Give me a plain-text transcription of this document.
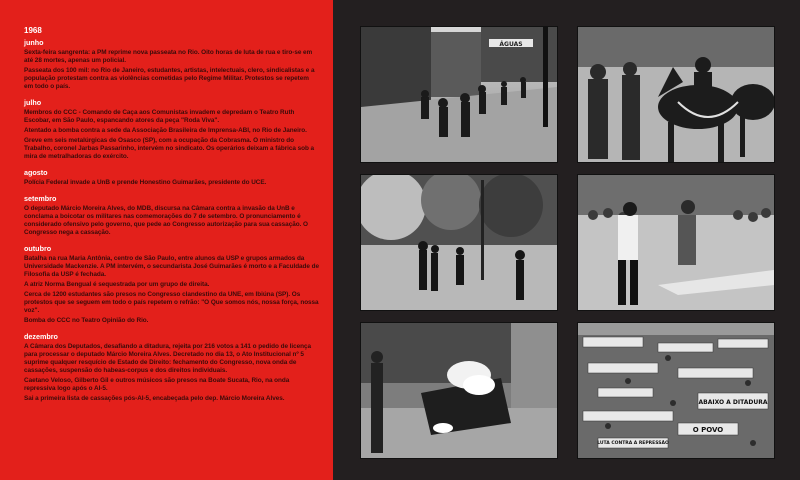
1968
junho
Sexta-feira sangrenta: a PM reprime nova passeata no Rio. Oito horas de luta de rua e tiro-se em até 28 mortes, apenas um policial.
Passeata dos 100 mil: no Rio de Janeiro, estudantes, artistas, intelectuais, clero, sindicalistas e a população protestam contra as violências cometidas pelo Regime Militar. Protestos se repetem em todo o país.
julho
Membros do CCC - Comando de Caça aos Comunistas invadem e depredam o Teatro Ruth Escobar, em São Paulo, espancando atores da peça "Roda Viva".
Atentado a bomba contra a sede da Associação Brasileira de Imprensa-ABI, no Rio de Janeiro.
Greve em seis metalúrgicas de Osasco (SP), com a ocupação da Cobrasma. O ministro do Trabalho, coronel Jarbas Passarinho, intervém no sindicato. Os operários deixam a fábrica sob a mira de metralhadoras do exército.
agosto
Polícia Federal invade a UnB e prende Honestino Guimarães, presidente do UCE.
setembro
O deputado Márcio Moreira Alves, do MDB, discursa na Câmara contra a invasão da UnB e conclama a boicotar os militares nas comemorações do 7 de setembro. O pronunciamento é considerado ofensivo pelo governo, que pede ao Congresso autorização para sua cassação. O Congresso nega a cassação.
outubro
Batalha na rua Maria Antônia, centro de São Paulo, entre alunos da USP e grupos armados da Universidade Mackenzie. A PM intervém, o secundarista José Guimarães é morto e a Faculdade de Filosofia da USP é fechada.
A atriz Norma Bengual é sequestrada por um grupo de direita.
Cerca de 1200 estudantes são presos no Congresso clandestino da UNE, em Ibiúna (SP). Os protestos que se seguem em todo o país repetem o refrão: "O Que somos nós, nossa força, nossa voz".
Bomba do CCC no Teatro Opinião do Rio.
dezembro
A Câmara dos Deputados, desafiando a ditadura, rejeita por 216 votos a 141 o pedido de licença para processar o deputado Márcio Moreira Alves. Decretado no dia 13, o Ato Institucional nº 5 suprime qualquer resquício de Estado de Direito: fechamento do Congresso, nova onda de cassações, suspensão do habeas-corpus e dos direitos individuais.
Caetano Veloso, Gilberto Gil e outros músicos são presos na Boate Sucata, Rio, na onda repressiva logo após o AI-5.
Sai a primeira lista de cassações pós-AI-5, encabeçada pelo dep. Márcio Moreira Alves.
ÁGUAS
ABAIXO A DITADURA
O POVO
LUTA CONTRA A REPRESSÃO
